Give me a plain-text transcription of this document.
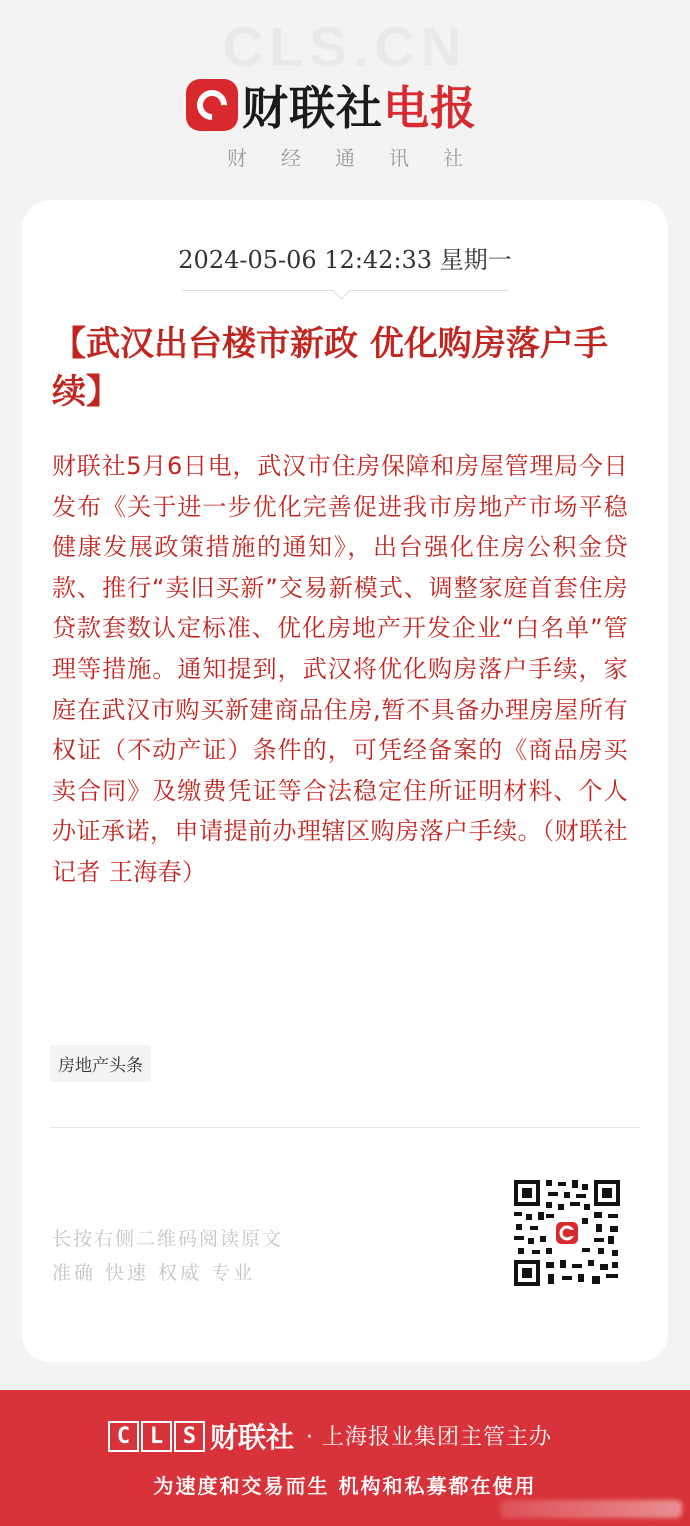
CLS.CN
财联社电报
财经通讯社
2024-05-06 12:42:33 星期一
【武汉出台楼市新政 优化购房落户手续】
财联社5月6日电，武汉市住房保障和房屋管理局今日发布《关于进一步优化完善促进我市房地产市场平稳健康发展政策措施的通知》，出台强化住房公积金贷款、推行“卖旧买新”交易新模式、调整家庭首套住房贷款套数认定标准、优化房地产开发企业“白名单”管理等措施。通知提到，武汉将优化购房落户手续，家庭在武汉市购买新建商品住房,暂不具备办理房屋所有权证（不动产证）条件的，可凭经备案的《商品房买卖合同》及缴费凭证等合法稳定住所证明材料、个人办证承诺，申请提前办理辖区购房落户手续。（财联社记者 王海春）
房地产头条
长按右侧二维码阅读原文
准确 快速 权威 专业
C L S 财联社 · 上海报业集团主管主办
为速度和交易而生 机构和私募都在使用
